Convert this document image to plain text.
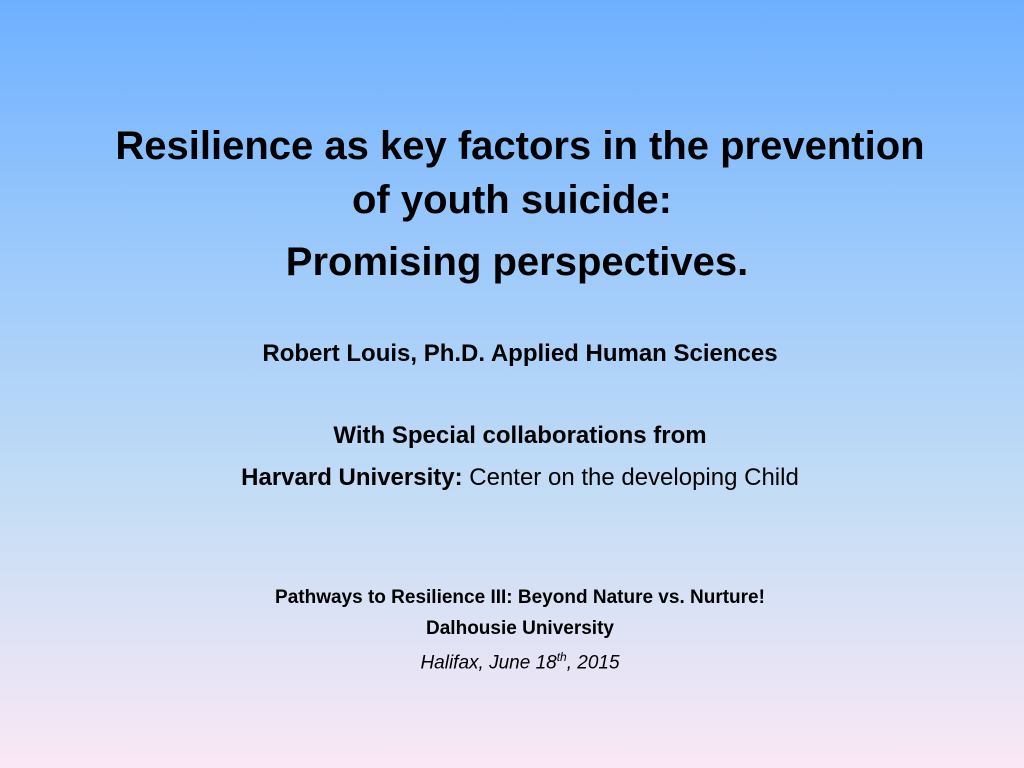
Resilience as key factors in the prevention
of youth suicide:
Promising perspectives.
Robert Louis, Ph.D. Applied Human Sciences
With Special collaborations from
Harvard University: Center on the developing Child
Pathways to Resilience III: Beyond Nature vs. Nurture!
Dalhousie University
Halifax, June 18th, 2015
